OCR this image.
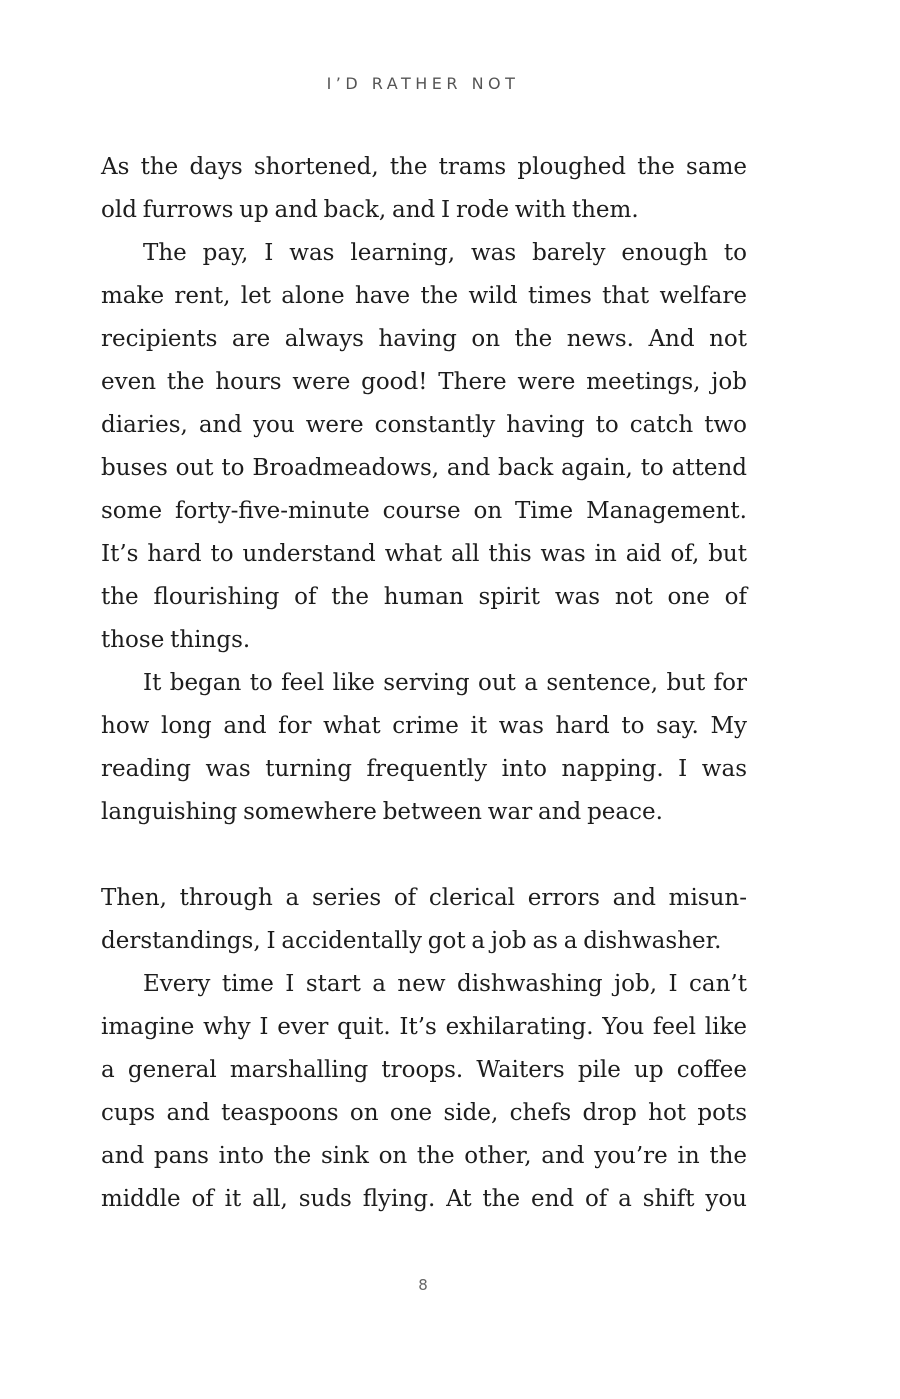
I’D RATHER NOT
As the days shortened, the trams ploughed the same
old furrows up and back, and I rode with them.
The pay, I was learning, was barely enough to
make rent, let alone have the wild times that welfare
recipients are always having on the news. And not
even the hours were good! There were meetings, job
diaries, and you were constantly having to catch two
buses out to Broadmeadows, and back again, to attend
some forty-five-minute course on Time Management.
It’s hard to understand what all this was in aid of, but
the flourishing of the human spirit was not one of
those things.
It began to feel like serving out a sentence, but for
how long and for what crime it was hard to say. My
reading was turning frequently into napping. I was
languishing somewhere between war and peace.
Then, through a series of clerical errors and misun-
derstandings, I accidentally got a job as a dishwasher.
Every time I start a new dishwashing job, I can’t
imagine why I ever quit. It’s exhilarating. You feel like
a general marshalling troops. Waiters pile up coffee
cups and teaspoons on one side, chefs drop hot pots
and pans into the sink on the other, and you’re in the
middle of it all, suds flying. At the end of a shift you
8
